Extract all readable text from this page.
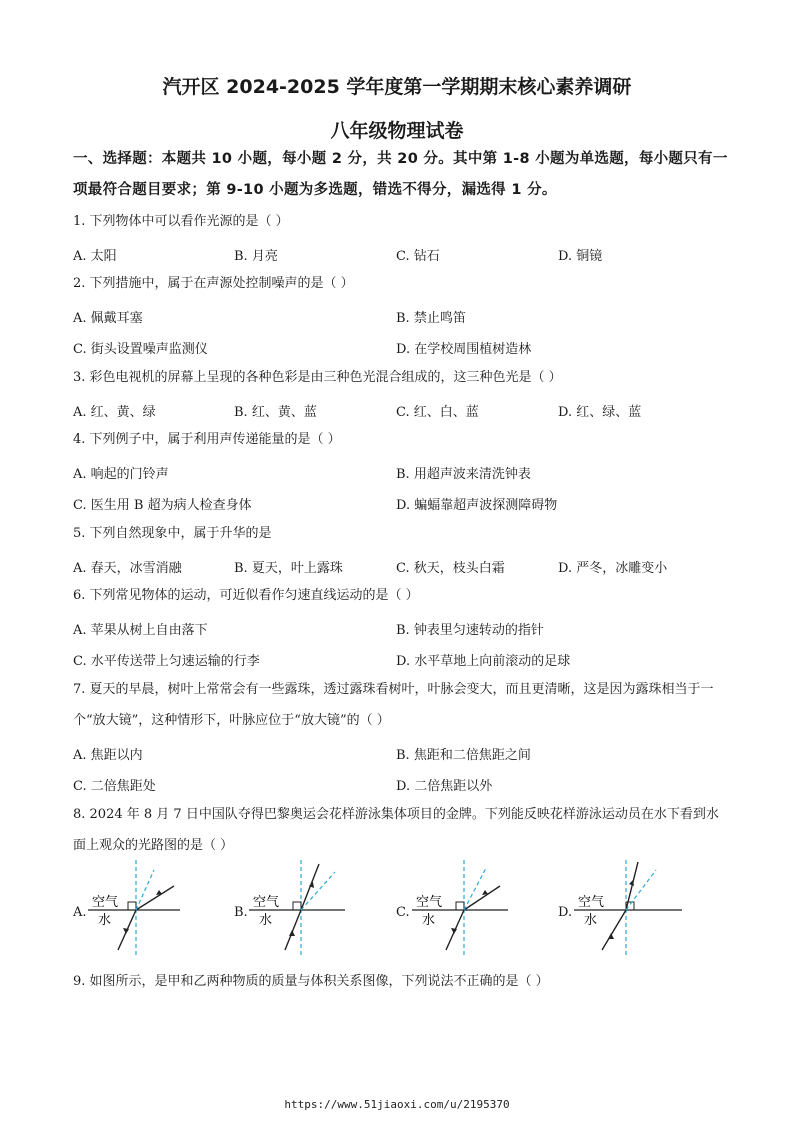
汽开区 2024-2025 学年度第一学期期末核心素养调研
八年级物理试卷
一、选择题：本题共 10 小题，每小题 2 分，共 20 分。其中第 1-8 小题为单选题，每小题只有一项最符合题目要求；第 9-10 小题为多选题，错选不得分，漏选得 1 分。
1. 下列物体中可以看作光源的是（ ）
A. 太阳	B. 月亮	C. 钻石	D. 铜镜
2. 下列措施中，属于在声源处控制噪声的是（ ）
A. 佩戴耳塞	B. 禁止鸣笛
C. 街头设置噪声监测仪	D. 在学校周围植树造林
3. 彩色电视机的屏幕上呈现的各种色彩是由三种色光混合组成的，这三种色光是（ ）
A. 红、黄、绿	B. 红、黄、蓝	C. 红、白、蓝	D. 红、绿、蓝
4. 下列例子中，属于利用声传递能量的是（ ）
A. 响起的门铃声	B. 用超声波来清洗钟表
C. 医生用 B 超为病人检查身体	D. 蝙蝠靠超声波探测障碍物
5. 下列自然现象中，属于升华的是
A. 春天，冰雪消融	B. 夏天，叶上露珠	C. 秋天，枝头白霜	D. 严冬，冰雕变小
6. 下列常见物体的运动，可近似看作匀速直线运动的是（ ）
A. 苹果从树上自由落下	B. 钟表里匀速转动的指针
C. 水平传送带上匀速运输的行李	D. 水平草地上向前滚动的足球
7. 夏天的早晨，树叶上常常会有一些露珠，透过露珠看树叶，叶脉会变大，而且更清晰，这是因为露珠相当于一个“放大镜”，这种情形下，叶脉应位于“放大镜”的（ ）
A. 焦距以内	B. 焦距和二倍焦距之间
C. 二倍焦距处	D. 二倍焦距以外
8. 2024 年 8 月 7 日中国队夺得巴黎奥运会花样游泳集体项目的金牌。下列能反映花样游泳运动员在水下看到水面上观众的光路图的是（ ）
A.	B.	C.	D.
空气
水
空气
水
空气
水
空气
水
9. 如图所示，是甲和乙两种物质的质量与体积关系图像，下列说法不正确的是（ ）
https://www.51jiaoxi.com/u/2195370
